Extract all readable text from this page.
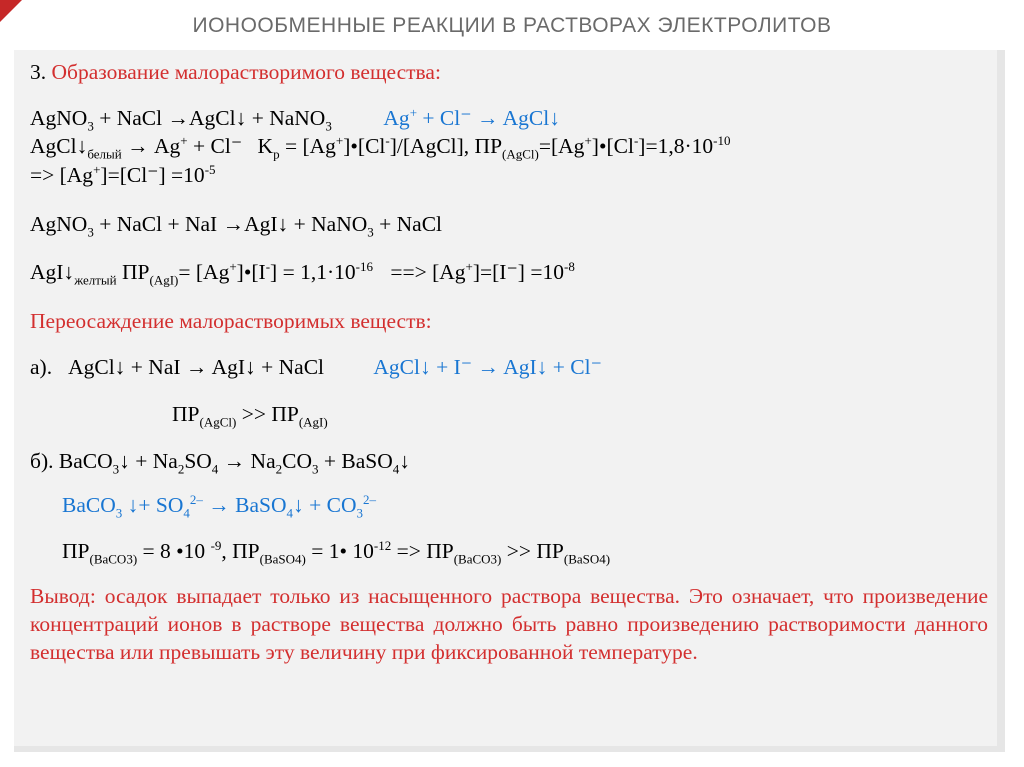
ИОНООБМЕННЫЕ РЕАКЦИИ В РАСТВОРАХ ЭЛЕКТРОЛИТОВ
3. Образование малорастворимого вещества:
AgNO$_3$ + NaCl →AgCl↓ + NaNO$_3$ Ag+ + Cl⁻ → AgCl↓
$AgCl↓_{белый} \to Ag^+ + Cl^-$ $K_p$ = [Ag+]•[Cl-]/[AgCl], $ПР_{(AgCl)}=[Ag^+]•[Cl^-]=1,8\cdot 10^{-10}$
=> $[Ag^+]=[Cl^-] =10^{-5}$
AgNO$_3$ + NaCl + NaI →AgI↓ + NaNO$_3$ + NaCl
$AgI↓_{желтый}$ $ПР_{(AgI)}=$ [Ag+]•[I-] = $1,1\cdot 10^{-16}$ ==> $[Ag^+]=[I^-] =10^{-8}$
Переосаждение малорастворимых веществ:
а). AgCl↓ + NaI → AgI↓ + NaCl AgCl↓ + I⁻ → AgI↓ + Cl⁻
$ПР_{(AgCl)} >> ПР_{(AgI)}$
б). BaCO$_3$↓ + $Na_2SO_4 \to Na_2CO_3$ + BaSO$_4$↓
BaCO$_3$ ↓+ $SO_4^{2-}$ → BaSO$_4$↓ + $CO_3^{2-}$
$ПР_{(BaCO3)} = 8$ •10 $^{-9}$, $ПР_{(BaSO4)}$ = 1• $10^{-12} => ПР_{(BaCO3)} >> ПР_{(BaSO4)}$
Вывод: осадок выпадает только из насыщенного раствора вещества. Это означает, что произведение концентраций ионов в растворе вещества должно быть равно произведению растворимости данного вещества или превышать эту величину при фиксированной температуре.
